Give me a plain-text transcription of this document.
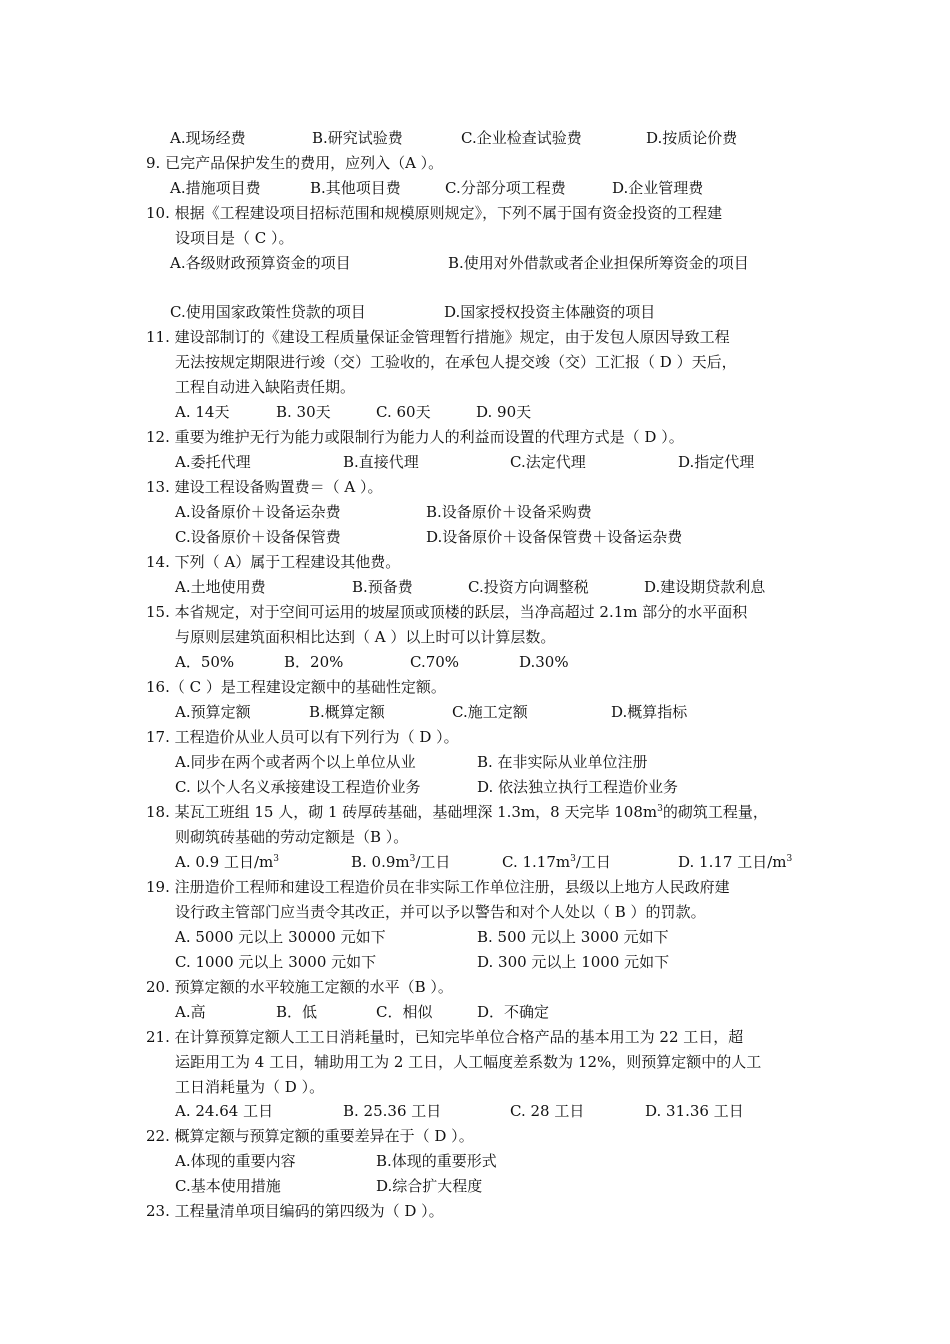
A.现场经费	B.研究试验费	C.企业检查试验费	D.按质论价费
9. 已完产品保护发生的费用，应列入（A ）。
A.措施项目费	B.其他项目费	C.分部分项工程费	D.企业管理费
10. 根据《工程建设项目招标范围和规模原则规定》，下列不属于国有资金投资的工程建
设项目是（ C ）。
A.各级财政预算资金的项目	B.使用对外借款或者企业担保所筹资金的项目
C.使用国家政策性贷款的项目	D.国家授权投资主体融资的项目
11. 建设部制订的《建设工程质量保证金管理暂行措施》规定，由于发包人原因导致工程
无法按规定期限进行竣（交）工验收的，在承包人提交竣（交）工汇报（ D ）天后，
工程自动进入缺陷责任期。
A. 14天	B. 30天	C. 60天	D. 90天
12. 重要为维护无行为能力或限制行为能力人的利益而设置的代理方式是（ D ）。
A.委托代理	B.直接代理	C.法定代理	D.指定代理
13. 建设工程设备购置费＝（ A ）。
A.设备原价＋设备运杂费	B.设备原价＋设备采购费
C.设备原价＋设备保管费	D.设备原价＋设备保管费＋设备运杂费
14. 下列（ A）属于工程建设其他费。
A.土地使用费	B.预备费	C.投资方向调整税	D.建设期贷款利息
15. 本省规定，对于空间可运用的坡屋顶或顶楼的跃层，当净高超过 2.1m 部分的水平面积
与原则层建筑面积相比达到（ A ）以上时可以计算层数。
A．50%	B．20%	C.70%	D.30%
16.（ C ）是工程建设定额中的基础性定额。
A.预算定额	B.概算定额	C.施工定额	D.概算指标
17. 工程造价从业人员可以有下列行为（ D ）。
A.同步在两个或者两个以上单位从业	B. 在非实际从业单位注册
C. 以个人名义承接建设工程造价业务	D. 依法独立执行工程造价业务
18. 某瓦工班组 15 人，砌 1 砖厚砖基础，基础埋深 1.3m，8 天完毕 $108m^3$的砌筑工程量，
则砌筑砖基础的劳动定额是（B ）。
A. 0.9 工日$/m^3$	B. $0.9m^3/$工日	C. $1.17m^3/$工日	D. 1.17 工日$/m^3$
19. 注册造价工程师和建设工程造价员在非实际工作单位注册，县级以上地方人民政府建
设行政主管部门应当责令其改正，并可以予以警告和对个人处以（ B ）的罚款。
A. 5000 元以上 30000 元如下	B. 500 元以上 3000 元如下
C. 1000 元以上 3000 元如下	D. 300 元以上 1000 元如下
20. 预算定额的水平较施工定额的水平（B ）。
A.高	B．低	C．相似	D．不确定
21. 在计算预算定额人工工日消耗量时，已知完毕单位合格产品的基本用工为 22 工日，超
运距用工为 4 工日，辅助用工为 2 工日，人工幅度差系数为 12%，则预算定额中的人工
工日消耗量为（ D ）。
A. 24.64 工日	B. 25.36 工日	C. 28 工日	D. 31.36 工日
22. 概算定额与预算定额的重要差异在于（ D ）。
A.体现的重要内容	B.体现的重要形式
C.基本使用措施	D.综合扩大程度
23. 工程量清单项目编码的第四级为（ D ）。
